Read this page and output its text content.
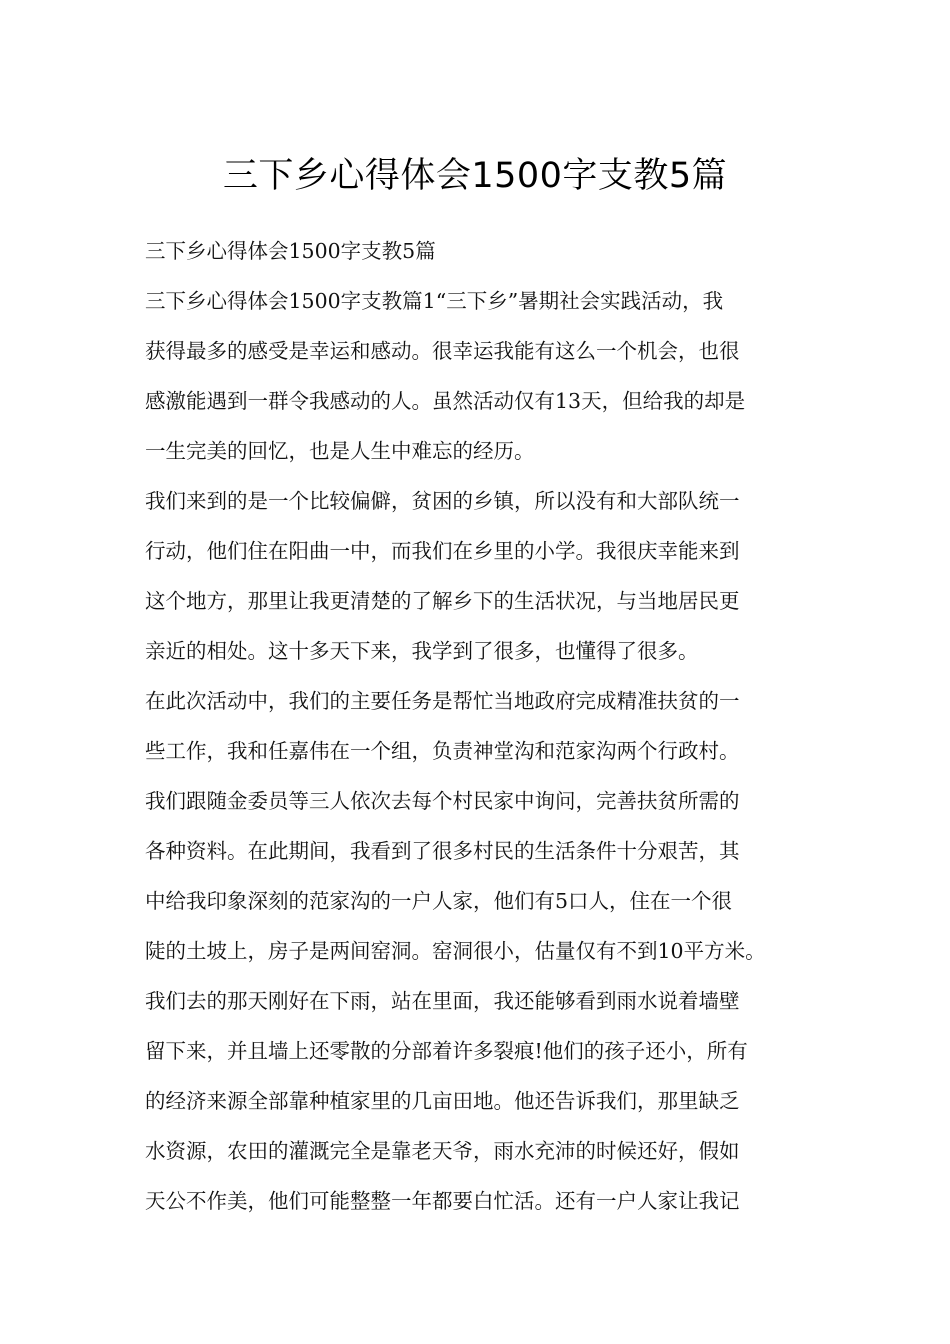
三下乡心得体会1500字支教5篇
三下乡心得体会1500字支教5篇
三下乡心得体会1500字支教篇1“三下乡”暑期社会实践活动，我
获得最多的感受是幸运和感动。很幸运我能有这么一个机会，也很
感激能遇到一群令我感动的人。虽然活动仅有13天，但给我的却是
一生完美的回忆，也是人生中难忘的经历。
我们来到的是一个比较偏僻，贫困的乡镇，所以没有和大部队统一
行动，他们住在阳曲一中，而我们在乡里的小学。我很庆幸能来到
这个地方，那里让我更清楚的了解乡下的生活状况，与当地居民更
亲近的相处。这十多天下来，我学到了很多，也懂得了很多。
在此次活动中，我们的主要任务是帮忙当地政府完成精准扶贫的一
些工作，我和任嘉伟在一个组，负责神堂沟和范家沟两个行政村。
我们跟随金委员等三人依次去每个村民家中询问，完善扶贫所需的
各种资料。在此期间，我看到了很多村民的生活条件十分艰苦，其
中给我印象深刻的范家沟的一户人家，他们有5口人，住在一个很
陡的土坡上，房子是两间窑洞。窑洞很小，估量仅有不到10平方米。
我们去的那天刚好在下雨，站在里面，我还能够看到雨水说着墙壁
留下来，并且墙上还零散的分部着许多裂痕!他们的孩子还小，所有
的经济来源全部靠种植家里的几亩田地。他还告诉我们，那里缺乏
水资源，农田的灌溉完全是靠老天爷，雨水充沛的时候还好，假如
天公不作美，他们可能整整一年都要白忙活。还有一户人家让我记
